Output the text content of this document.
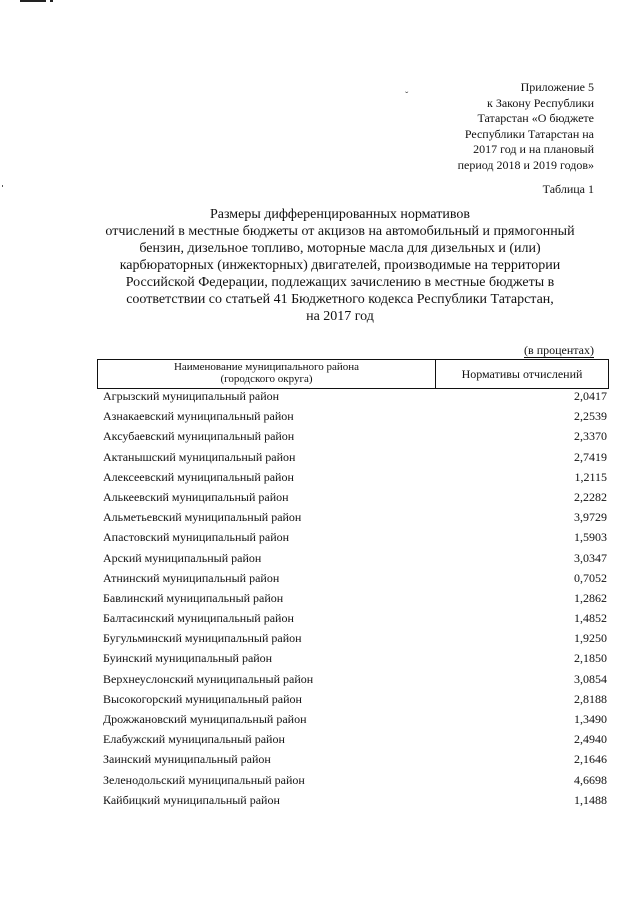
ˇ
Приложение 5
к Закону Республики
Татарстан «О бюджете
Республики Татарстан на
2017 год и на плановый
период 2018 и 2019 годов»
Таблица 1
Размеры дифференцированных нормативов
отчислений в местные бюджеты от акцизов на автомобильный и прямогонный
бензин, дизельное топливо, моторные масла для дизельных и (или)
карбюраторных (инжекторных) двигателей, производимые на территории
Российской Федерации, подлежащих зачислению в местные бюджеты в
соответствии со статьей 41 Бюджетного кодекса Республики Татарстан,
на 2017 год
(в процентах)
Наименование муниципального района
(городского округа)	Нормативы отчислений
Агрызский муниципальный район	2,0417
Азнакаевский муниципальный район	2,2539
Аксубаевский муниципальный район	2,3370
Актанышский муниципальный район	2,7419
Алексеевский муниципальный район	1,2115
Алькеевский муниципальный район	2,2282
Альметьевский муниципальный район	3,9729
Апастовский муниципальный район	1,5903
Арский муниципальный район	3,0347
Атнинский муниципальный район	0,7052
Бавлинский муниципальный район	1,2862
Балтасинский муниципальный район	1,4852
Бугульминский муниципальный район	1,9250
Буинский муниципальный район	2,1850
Верхнеуслонский муниципальный район	3,0854
Высокогорский муниципальный район	2,8188
Дрожжановский муниципальный район	1,3490
Елабужский муниципальный район	2,4940
Заинский муниципальный район	2,1646
Зеленодольский муниципальный район	4,6698
Кайбицкий муниципальный район	1,1488
